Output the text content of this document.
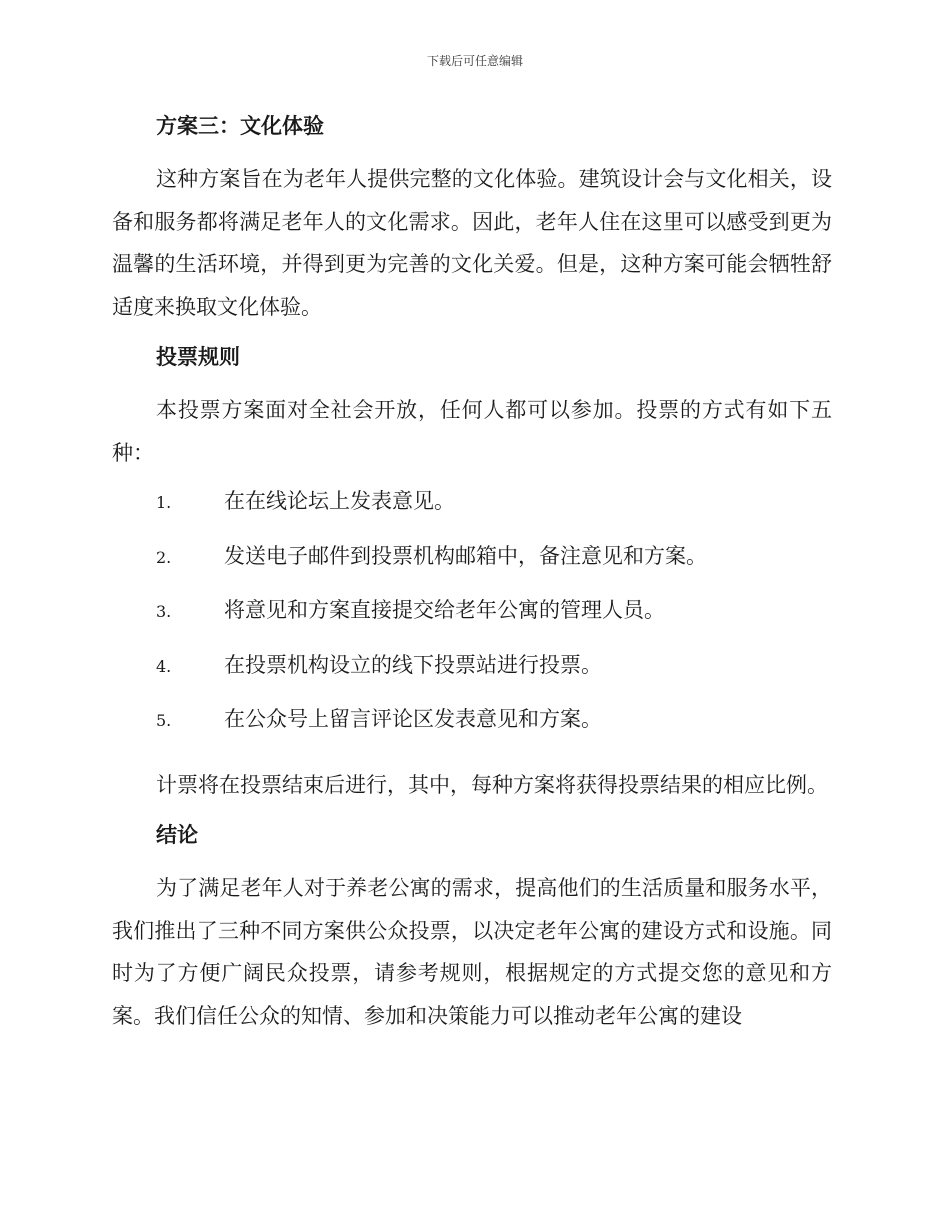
下载后可任意编辑
方案三：文化体验

这种方案旨在为老年人提供完整的文化体验。建筑设计会与文化相关，设备和服务都将满足老年人的文化需求。因此，老年人住在这里可以感受到更为温馨的生活环境，并得到更为完善的文化关爱。但是，这种方案可能会牺牲舒适度来换取文化体验。

投票规则

本投票方案面对全社会开放，任何人都可以参加。投票的方式有如下五种：

1.	在在线论坛上发表意见。
2.	发送电子邮件到投票机构邮箱中，备注意见和方案。
3.	将意见和方案直接提交给老年公寓的管理人员。
4.	在投票机构设立的线下投票站进行投票。
5.	在公众号上留言评论区发表意见和方案。

计票将在投票结束后进行，其中，每种方案将获得投票结果的相应比例。

结论

为了满足老年人对于养老公寓的需求，提高他们的生活质量和服务水平，我们推出了三种不同方案供公众投票，以决定老年公寓的建设方式和设施。同时为了方便广阔民众投票，请参考规则，根据规定的方式提交您的意见和方案。我们信任公众的知情、参加和决策能力可以推动老年公寓的建设
